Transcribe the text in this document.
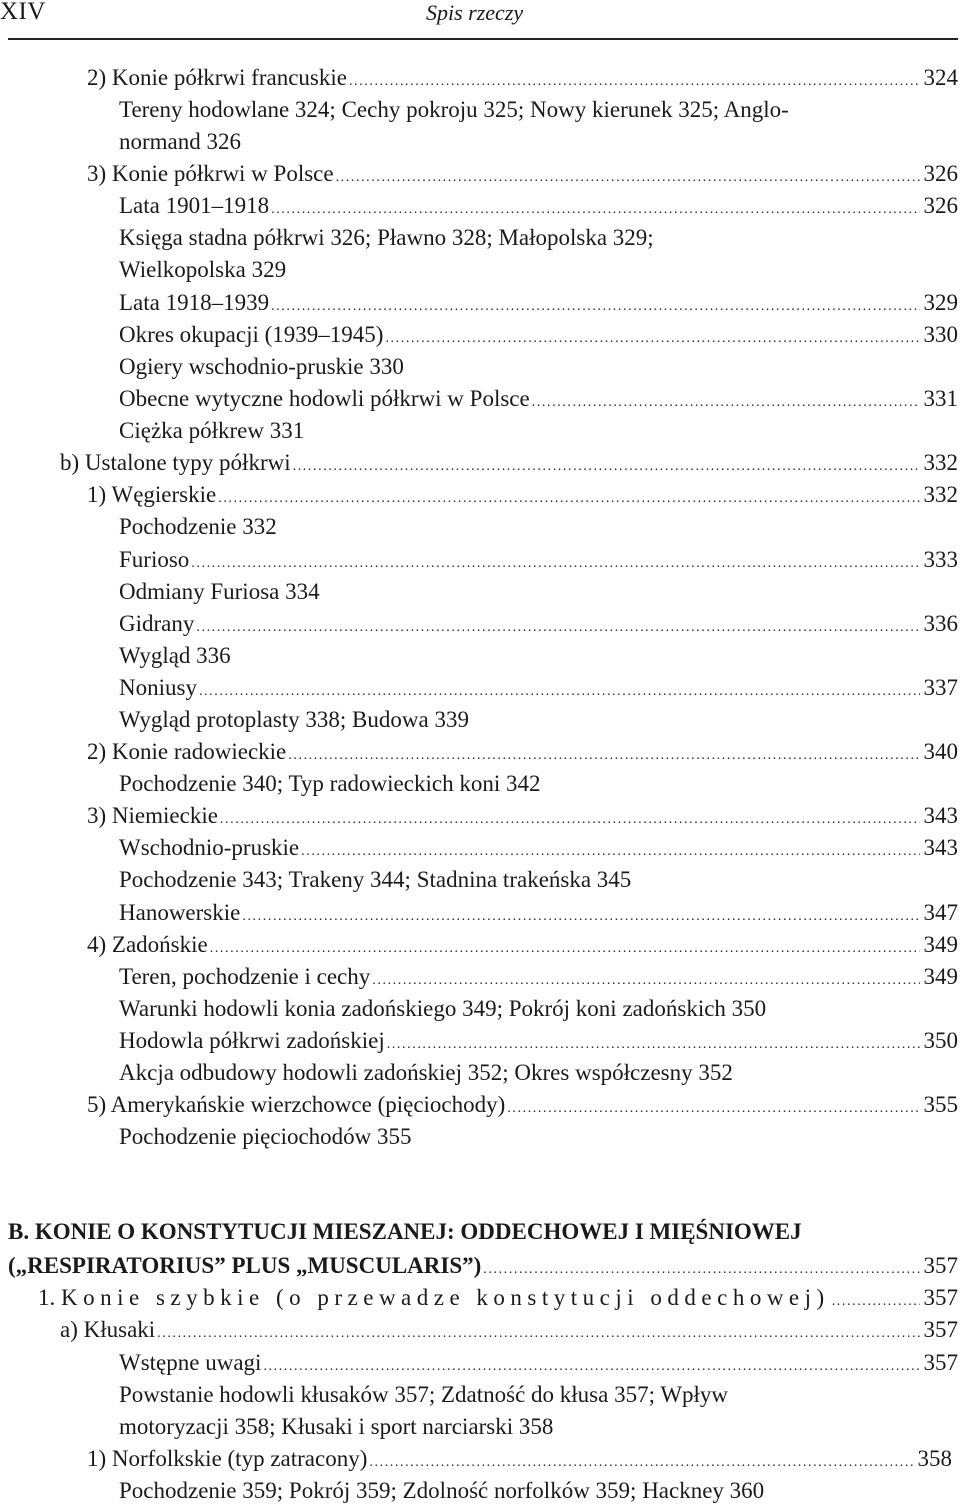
XIV	Spis rzeczy
2) Konie półkrwi francuskie .....	324
Tereny hodowlane 324; Cechy pokroju 325; Nowy kierunek 325; Anglo-
normand 326
3) Konie półkrwi w Polsce .....	326
Lata 1901–1918 .....	326
Księga stadna półkrwi 326; Pławno 328; Małopolska 329;
Wielkopolska 329
Lata 1918–1939 .....	329
Okres okupacji (1939–1945) .....	330
Ogiery wschodnio-pruskie 330
Obecne wytyczne hodowli półkrwi w Polsce .....	331
Ciężka półkrew 331
b) Ustalone typy półkrwi .....	332
1) Węgierskie .....	332
Pochodzenie 332
Furioso .....	333
Odmiany Furiosa 334
Gidrany .....	336
Wygląd 336
Noniusy .....	337
Wygląd protoplasty 338; Budowa 339
2) Konie radowieckie .....	340
Pochodzenie 340; Typ radowieckich koni 342
3) Niemieckie .....	343
Wschodnio-pruskie .....	343
Pochodzenie 343; Trakeny 344; Stadnina trakeńska 345
Hanowerskie .....	347
4) Zadońskie .....	349
Teren, pochodzenie i cechy .....	349
Warunki hodowli konia zadońskiego 349; Pokrój koni zadońskich 350
Hodowla półkrwi zadońskiej .....	350
Akcja odbudowy hodowli zadońskiej 352; Okres współczesny 352
5) Amerykańskie wierzchowce (pięciochody) .....	355
Pochodzenie pięciochodów 355
B. KONIE O KONSTYTUCJI MIESZANEJ: ODDECHOWEJ I MIĘŚNIOWEJ
(„RESPIRATORIUS” PLUS „MUSCULARIS”) .....	357
1. Konie szybkie (o przewadze konstytucji oddechowej) .....	357
a) Kłusaki .....	357
Wstępne uwagi .....	357
Powstanie hodowli kłusaków 357; Zdatność do kłusa 357; Wpływ
motoryzacji 358; Kłusaki i sport narciarski 358
1) Norfolkskie (typ zatracony) .....	358
Pochodzenie 359; Pokrój 359; Zdolność norfolków 359; Hackney 360
